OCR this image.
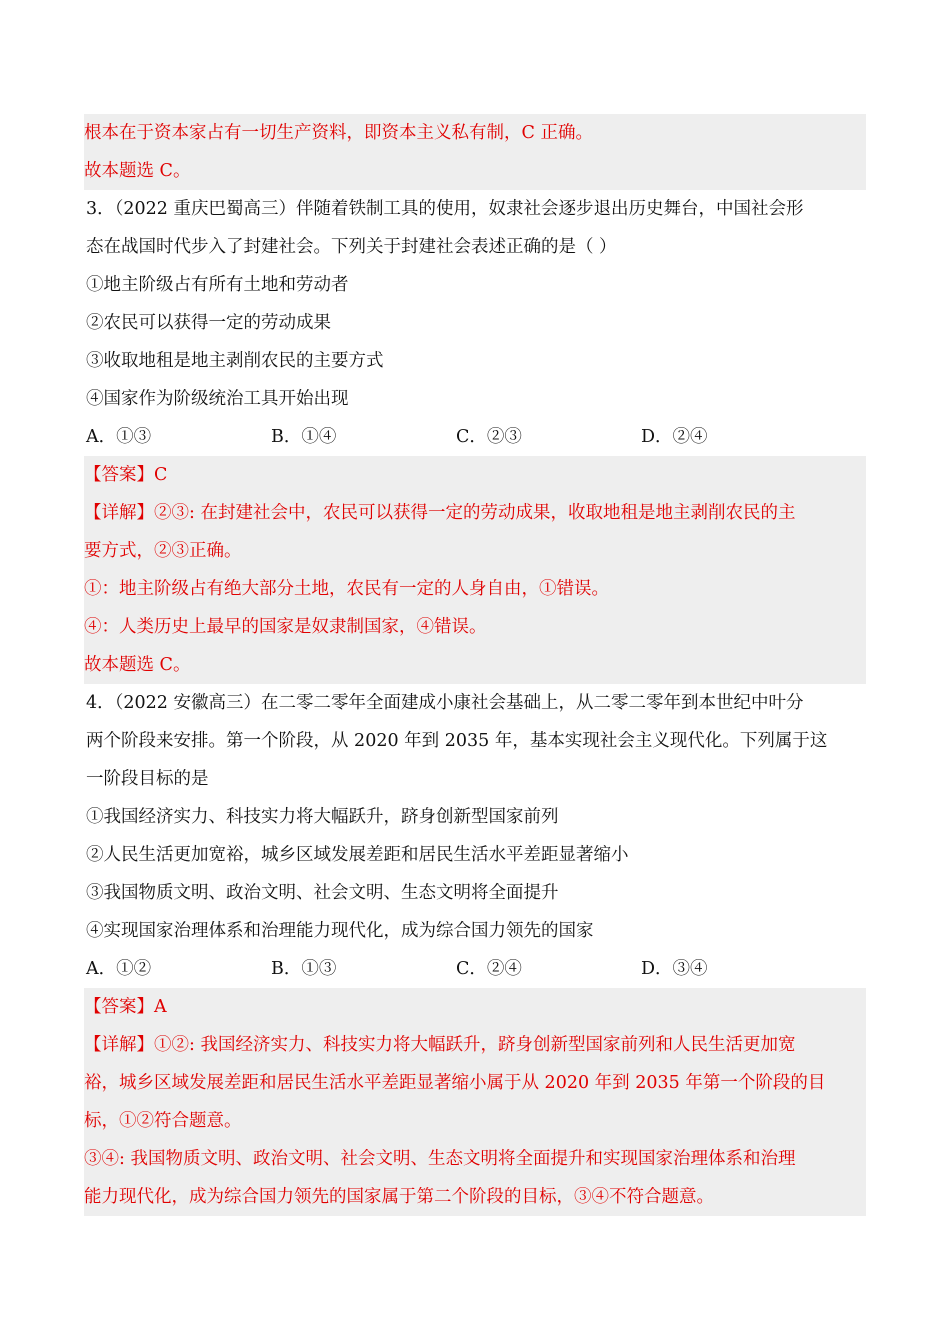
根本在于资本家占有一切生产资料，即资本主义私有制，C 正确。
故本题选 C。
3．（2022 重庆巴蜀高三）伴随着铁制工具的使用，奴隶社会逐步退出历史舞台，中国社会形
态在战国时代步入了封建社会。下列关于封建社会表述正确的是（ ）
①地主阶级占有所有土地和劳动者
②农民可以获得一定的劳动成果
③收取地租是地主剥削农民的主要方式
④国家作为阶级统治工具开始出现
A．①③	B．①④	C．②③	D．②④
【答案】C
【详解】②③: 在封建社会中，农民可以获得一定的劳动成果，收取地租是地主剥削农民的主
要方式，②③正确。
①：地主阶级占有绝大部分土地，农民有一定的人身自由，①错误。
④：人类历史上最早的国家是奴隶制国家，④错误。
故本题选 C。
4．（2022 安徽高三）在二零二零年全面建成小康社会基础上，从二零二零年到本世纪中叶分
两个阶段来安排。第一个阶段，从 2020 年到 2035 年，基本实现社会主义现代化。下列属于这
一阶段目标的是
①我国经济实力、科技实力将大幅跃升，跻身创新型国家前列
②人民生活更加宽裕，城乡区域发展差距和居民生活水平差距显著缩小
③我国物质文明、政治文明、社会文明、生态文明将全面提升
④实现国家治理体系和治理能力现代化，成为综合国力领先的国家
A．①②	B．①③	C．②④	D．③④
【答案】A
【详解】①②: 我国经济实力、科技实力将大幅跃升，跻身创新型国家前列和人民生活更加宽
裕，城乡区域发展差距和居民生活水平差距显著缩小属于从 2020 年到 2035 年第一个阶段的目
标，①②符合题意。
③④: 我国物质文明、政治文明、社会文明、生态文明将全面提升和实现国家治理体系和治理
能力现代化，成为综合国力领先的国家属于第二个阶段的目标，③④不符合题意。
